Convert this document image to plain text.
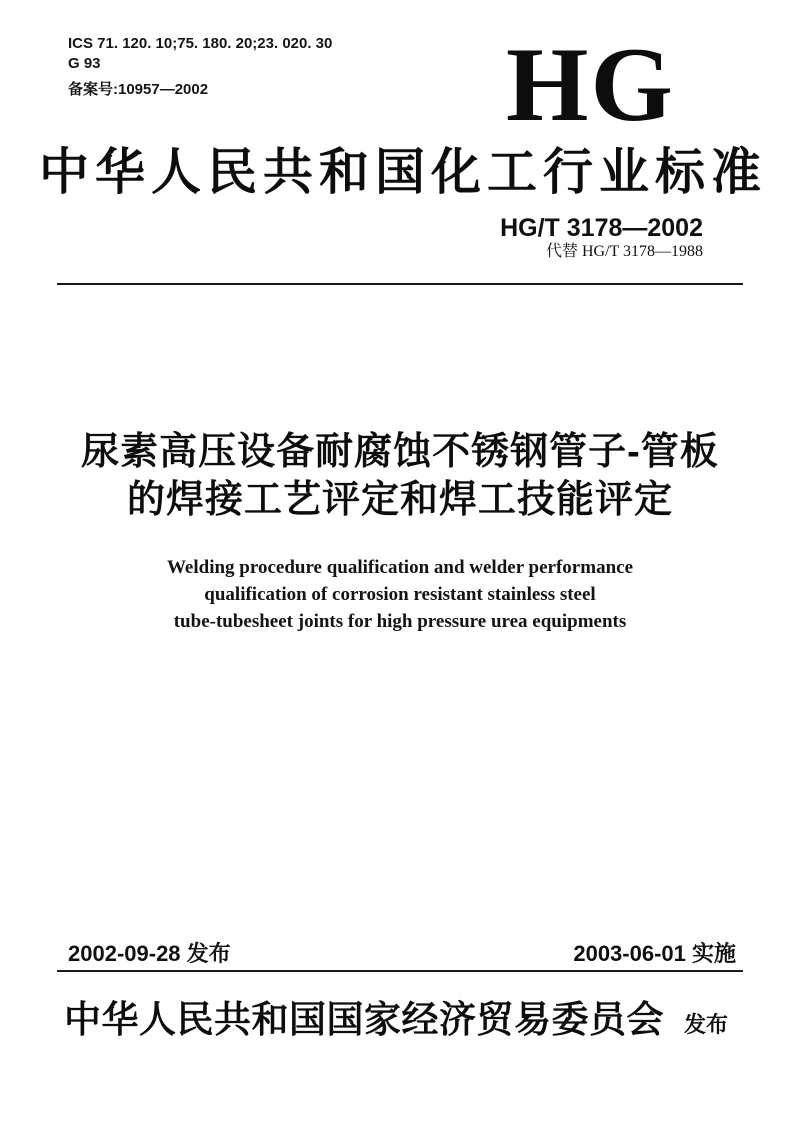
ICS 71. 120. 10;75. 180. 20;23. 020. 30
G 93
备案号:10957—2002	HG
中华人民共和国化工行业标准
HG/T 3178—2002
代替 HG/T 3178—1988
尿素高压设备耐腐蚀不锈钢管子-管板
的焊接工艺评定和焊工技能评定
Welding procedure qualification and welder performance
qualification of corrosion resistant stainless steel
tube-tubesheet joints for high pressure urea equipments
2002-09-28 发布	2003-06-01 实施
中华人民共和国国家经济贸易委员会 发布
